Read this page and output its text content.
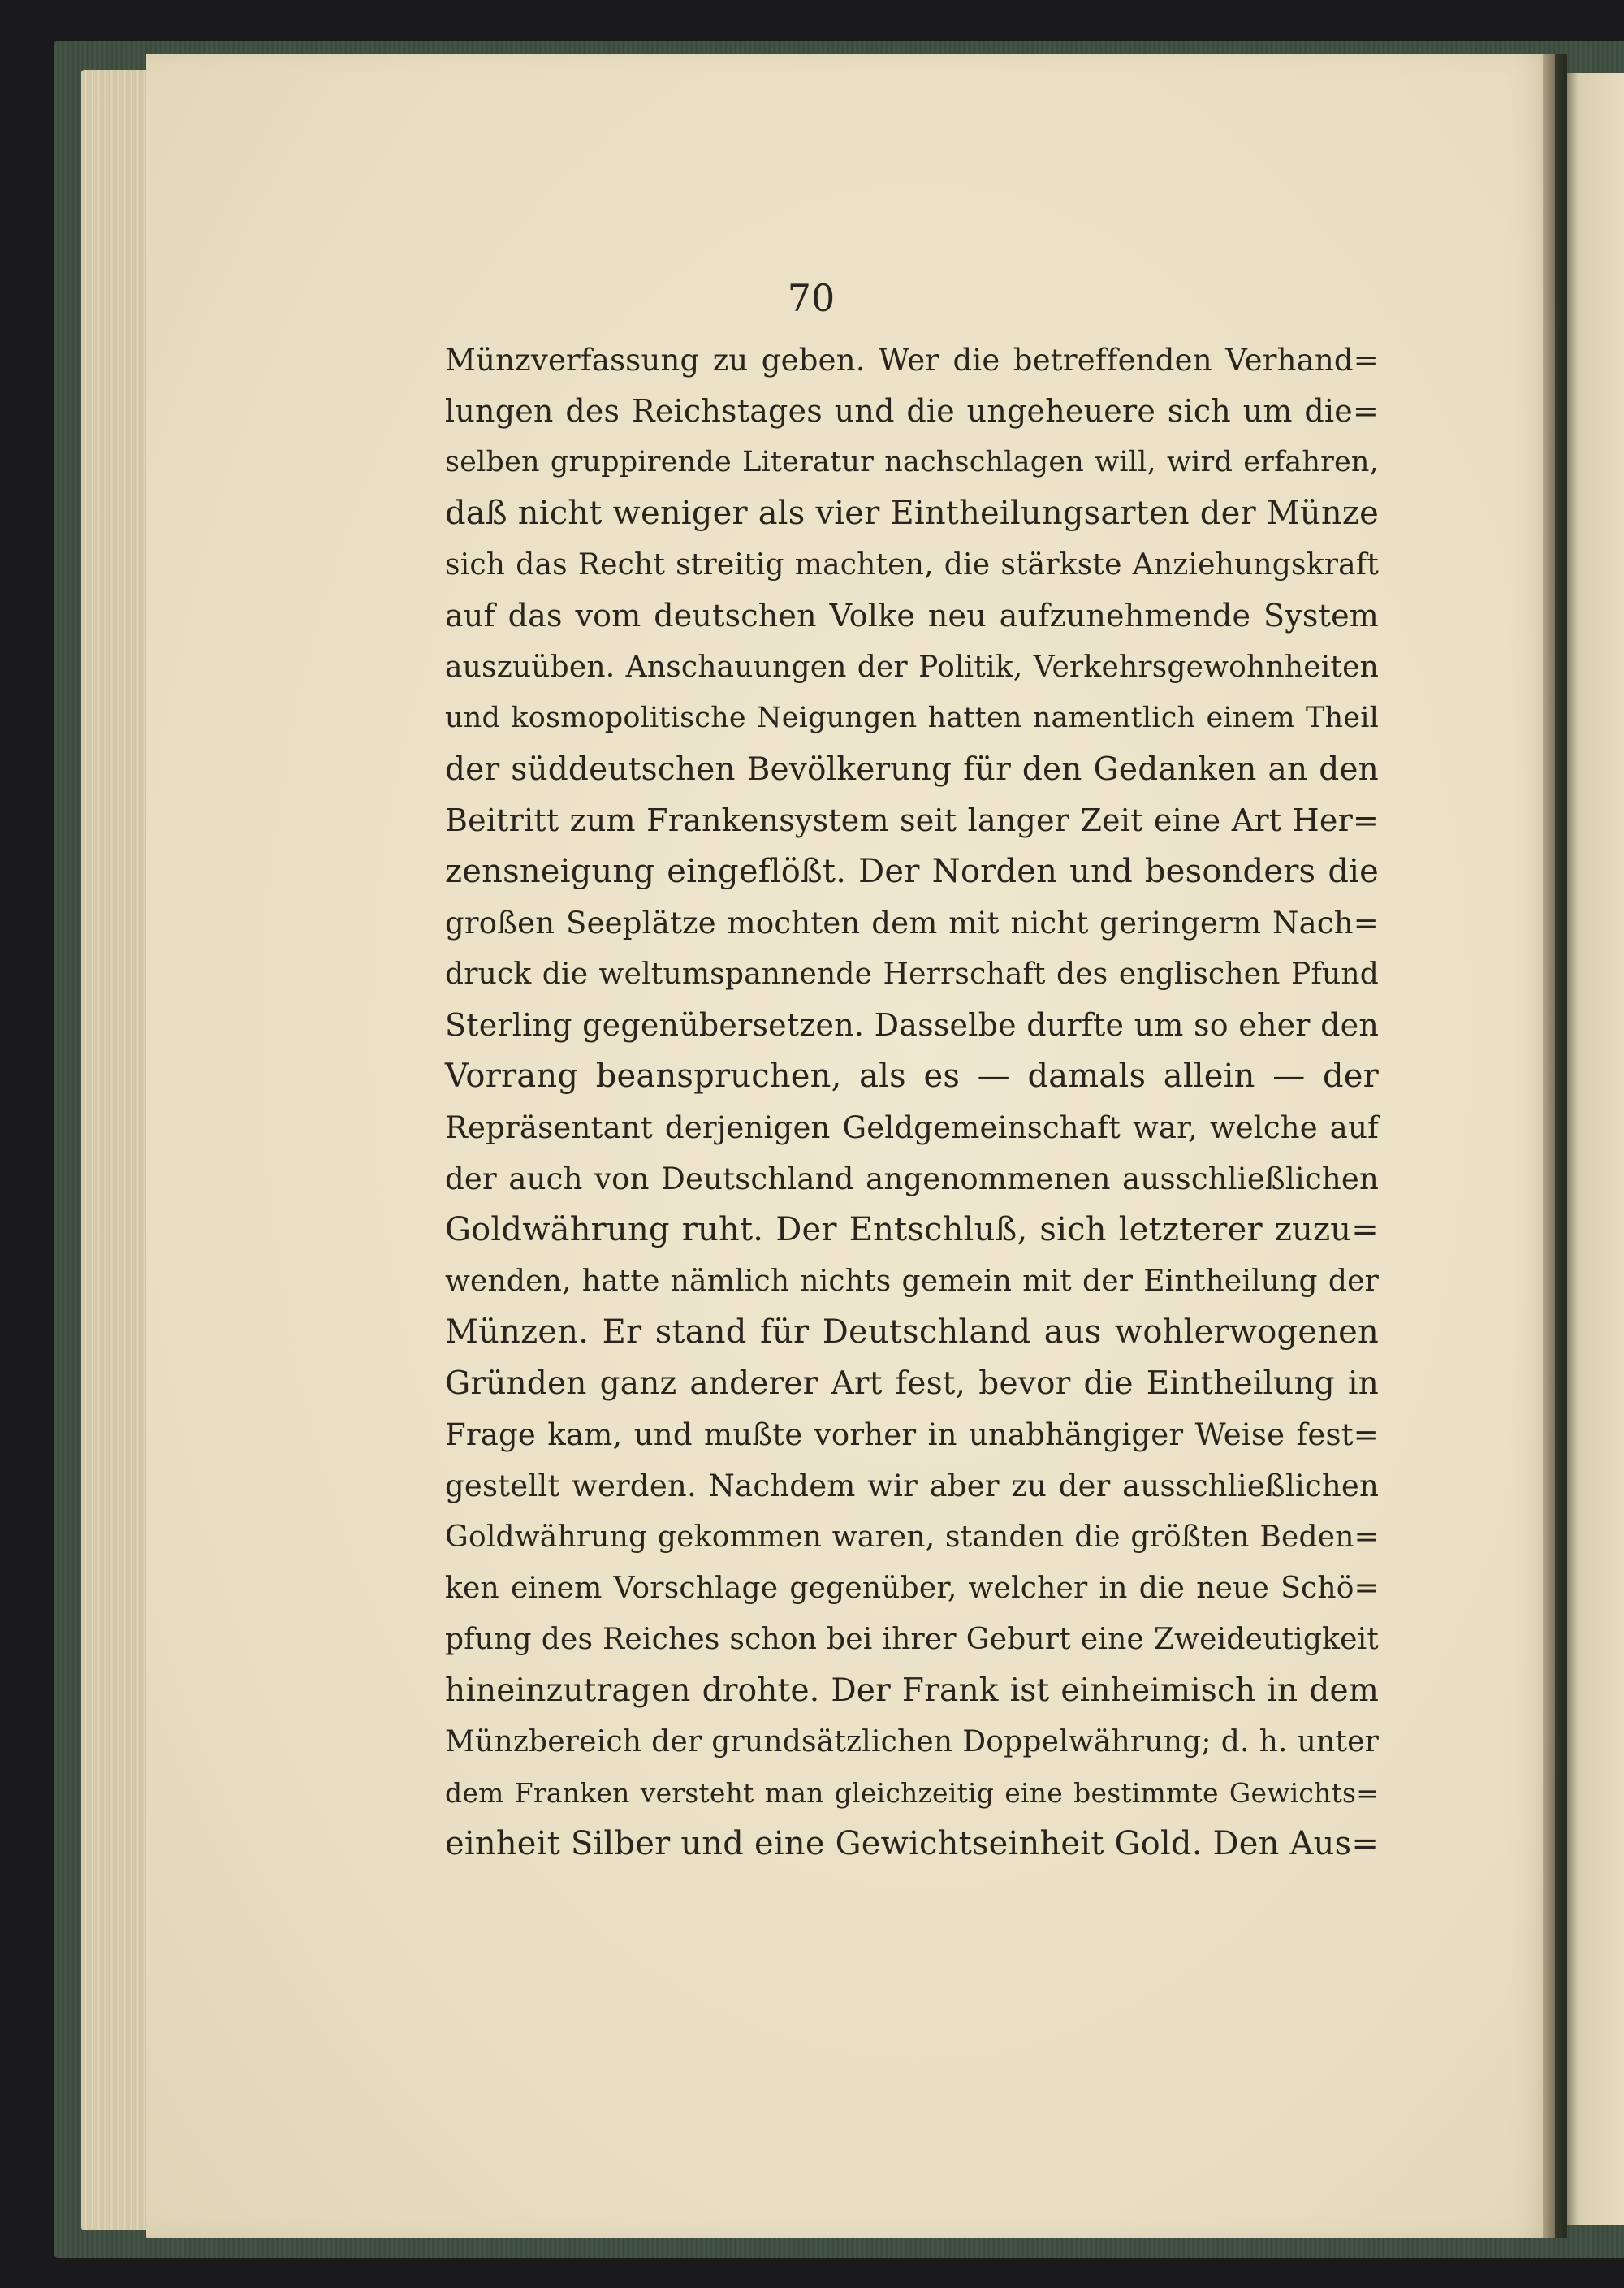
70
Münzverfassung zu geben. Wer die betreffenden Verhand=
lungen des Reichstages und die ungeheuere sich um die=
selben gruppirende Literatur nachschlagen will, wird erfahren,
daß nicht weniger als vier Eintheilungsarten der Münze
sich das Recht streitig machten, die stärkste Anziehungskraft
auf das vom deutschen Volke neu aufzunehmende System
auszuüben. Anschauungen der Politik, Verkehrsgewohnheiten
und kosmopolitische Neigungen hatten namentlich einem Theil
der süddeutschen Bevölkerung für den Gedanken an den
Beitritt zum Frankensystem seit langer Zeit eine Art Her=
zensneigung eingeflößt. Der Norden und besonders die
großen Seeplätze mochten dem mit nicht geringerm Nach=
druck die weltumspannende Herrschaft des englischen Pfund
Sterling gegenübersetzen. Dasselbe durfte um so eher den
Vorrang beanspruchen, als es — damals allein — der
Repräsentant derjenigen Geldgemeinschaft war, welche auf
der auch von Deutschland angenommenen ausschließlichen
Goldwährung ruht. Der Entschluß, sich letzterer zuzu=
wenden, hatte nämlich nichts gemein mit der Eintheilung der
Münzen. Er stand für Deutschland aus wohlerwogenen
Gründen ganz anderer Art fest, bevor die Eintheilung in
Frage kam, und mußte vorher in unabhängiger Weise fest=
gestellt werden. Nachdem wir aber zu der ausschließlichen
Goldwährung gekommen waren, standen die größten Beden=
ken einem Vorschlage gegenüber, welcher in die neue Schö=
pfung des Reiches schon bei ihrer Geburt eine Zweideutigkeit
hineinzutragen drohte. Der Frank ist einheimisch in dem
Münzbereich der grundsätzlichen Doppelwährung; d. h. unter
dem Franken versteht man gleichzeitig eine bestimmte Gewichts=
einheit Silber und eine Gewichtseinheit Gold. Den Aus=
